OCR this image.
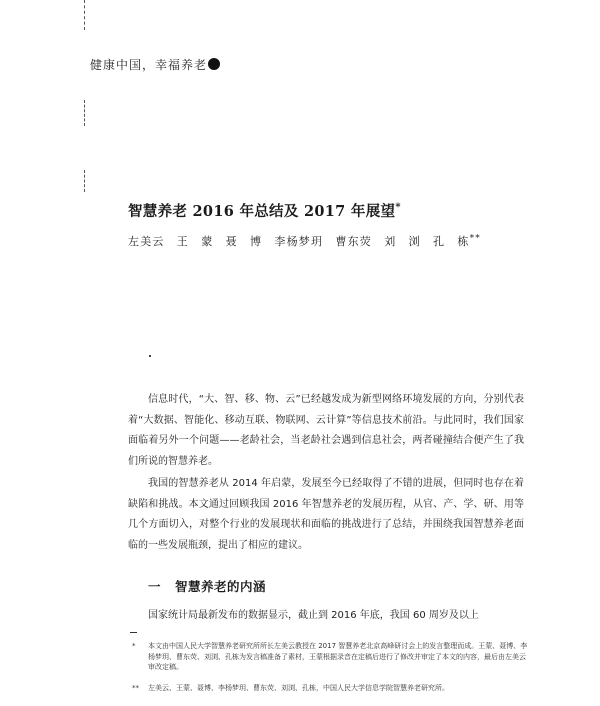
健康中国，幸福养老
智慧养老 2016 年总结及 2017 年展望*
左美云　王　蒙　聂　博　李杨梦玥　曹东荧　刘　浏　孔　栋**

信息时代，“大、智、移、物、云”已经越发成为新型网络环境发展的方向，分别代表着“大数据、智能化、移动互联、物联网、云计算”等信息技术前沿。与此同时，我们国家面临着另外一个问题——老龄社会，当老龄社会遇到信息社会，两者碰撞结合便产生了我们所说的智慧养老。

我国的智慧养老从 2014 年启蒙，发展至今已经取得了不错的进展，但同时也存在着缺陷和挑战。本文通过回顾我国 2016 年智慧养老的发展历程，从官、产、学、研、用等几个方面切入，对整个行业的发展现状和面临的挑战进行了总结，并围绕我国智慧养老面临的一些发展瓶颈，提出了相应的建议。

一 智慧养老的内涵
国家统计局最新发布的数据显示，截止到 2016 年底，我国 60 周岁及以上
* 本文由中国人民大学智慧养老研究所所长左美云教授在 2017 智慧养老北京高峰研讨会上的发言整理而成。王蒙、聂博、李杨梦玥、曹东荧、刘浏、孔栋为发言稿准备了素材，王蒙根据录音在定稿后进行了修改并审定了本文的内容，最后由左美云审改定稿。
** 左美云、王蒙、聂博、李杨梦玥、曹东荧、刘浏、孔栋，中国人民大学信息学院智慧养老研究所。
